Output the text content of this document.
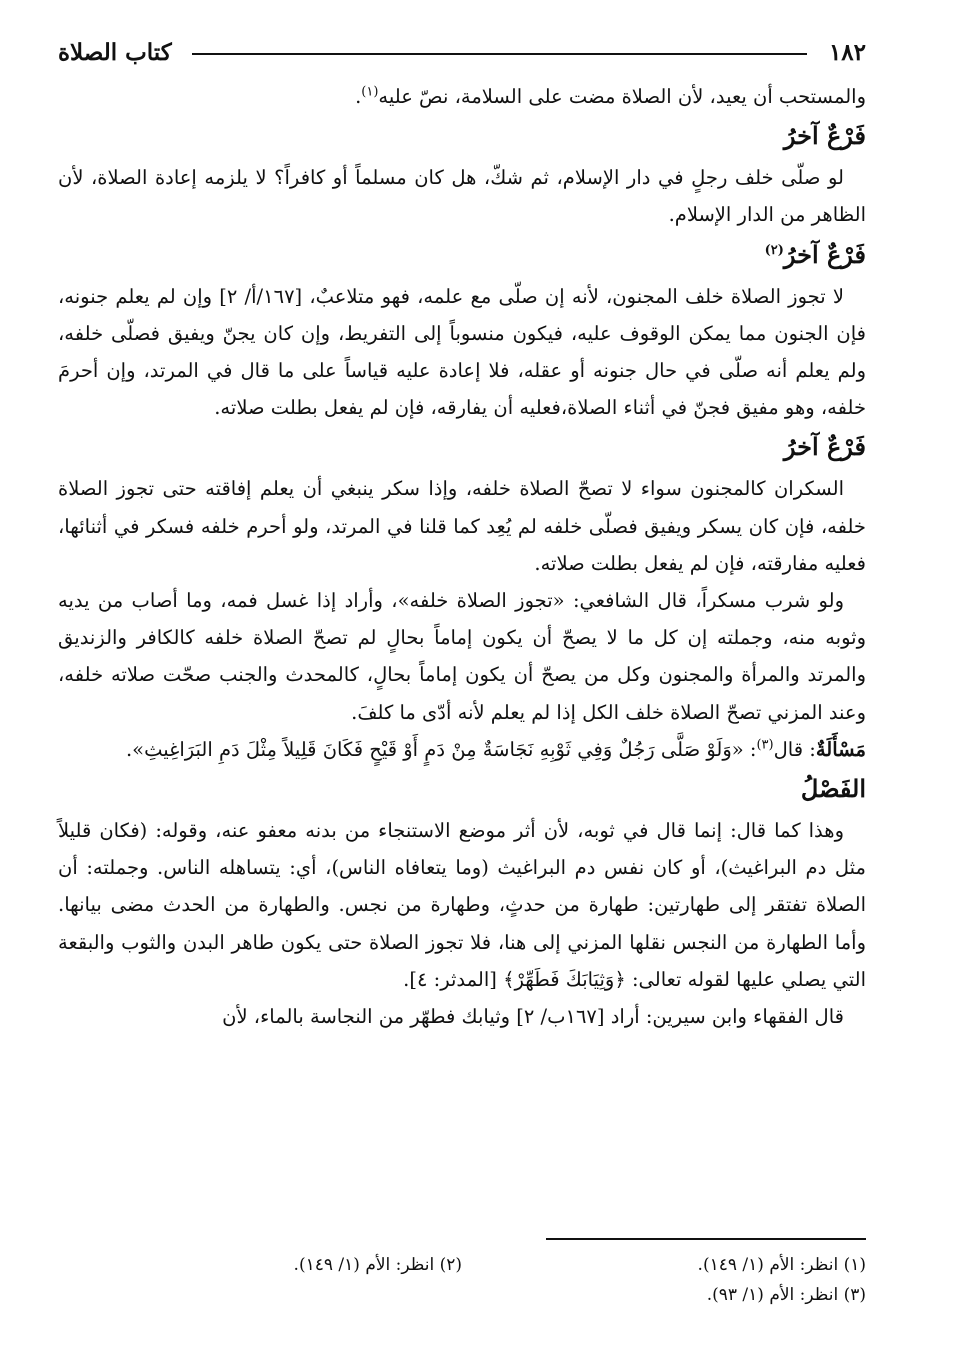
١٨٢
كتاب الصلاة

والمستحب أن يعيد، لأن الصلاة مضت على السلامة، نصّ عليه$^{(١)}$.

فَرْعٌ آخرُ

لو صلّى خلف رجلٍ في دار الإسلام، ثم شكّ، هل كان مسلماً أو كافراً؟ لا يلزمه إعادة الصلاة، لأن الظاهر من الدار الإسلام.

فَرْعٌ آخرُ$^{(٢)}$

لا تجوز الصلاة خلف المجنون، لأنه إن صلّى مع علمه، فهو متلاعبٌ، [١٦٧/أ/ ٢] وإن لم يعلم جنونه، فإن الجنون مما يمكن الوقوف عليه، فيكون منسوباً إلى التفريط، وإن كان يجنّ ويفيق فصلّى خلفه، ولم يعلم أنه صلّى في حال جنونه أو عقله، فلا إعادة عليه قياساً على ما قال في المرتد، وإن أحرمَ خلفه، وهو مفيق فجنّ في أثناء الصلاة،فعليه أن يفارقه، فإن لم يفعل بطلت صلاته.

فَرْعٌ آخرُ

السكران كالمجنون سواء لا تصحّ الصلاة خلفه، وإذا سكر ينبغي أن يعلم إفاقته حتى تجوز الصلاة خلفه، فإن كان يسكر ويفيق فصلّى خلفه لم يُعِد كما قلنا في المرتد، ولو أحرم خلفه فسكر في أثنائها، فعليه مفارقته، فإن لم يفعل بطلت صلاته.

ولو شرب مسكراً، قال الشافعي: «تجوز الصلاة خلفه»، وأراد إذا غسل فمه، وما أصاب من يديه وثوبه منه، وجملته إن كل ما لا يصحّ أن يكون إماماً بحالٍ لم تصحّ الصلاة خلفه كالكافر والزنديق والمرتد والمرأة والمجنون وكل من يصحّ أن يكون إماماً بحالٍ، كالمحدث والجنب صحّت صلاته خلفه، وعند المزني تصحّ الصلاة خلف الكل إذا لم يعلم لأنه أدّى ما كلفَ.

مَسْأَلَةٌ: قال$^{(٣)}$: «وَلَوْ صَلَّى رَجُلٌ وَفِي ثَوْبِهِ نَجَاسَةٌ مِنْ دَمٍ أَوْ قَيْحٍ فَكَانَ قَلِيلاً مِثْلَ دَمِ البَرَاغِيثِ».

الفَصْلُ

وهذا كما قال: إنما قال في ثوبه، لأن أثر موضع الاستنجاء من بدنه معفو عنه، وقوله: (فكان قليلاً مثل دم البراغيث)، أو كان نفس دم البراغيث (وما يتعافاه الناس)، أي: يتساهله الناس. وجملته: أن الصلاة تفتقر إلى طهارتين: طهارة من حدثٍ، وطهارة من نجس. والطهارة من الحدث مضى بيانها. وأما الطهارة من النجس نقلها المزني إلى هنا، فلا تجوز الصلاة حتى يكون طاهر البدن والثوب والبقعة التي يصلي عليها لقوله تعالى: ﴿وَثِيَابَكَ فَطَهِّرْ﴾ [المدثر: ٤].

قال الفقهاء وابن سيرين: أراد [١٦٧ب/ ٢] وثيابك فطهّر من النجاسة بالماء، لأن

(١) انظر: الأم (١/ ١٤٩).
(٢) انظر: الأم (١/ ١٤٩).
(٣) انظر: الأم (١/ ٩٣).
